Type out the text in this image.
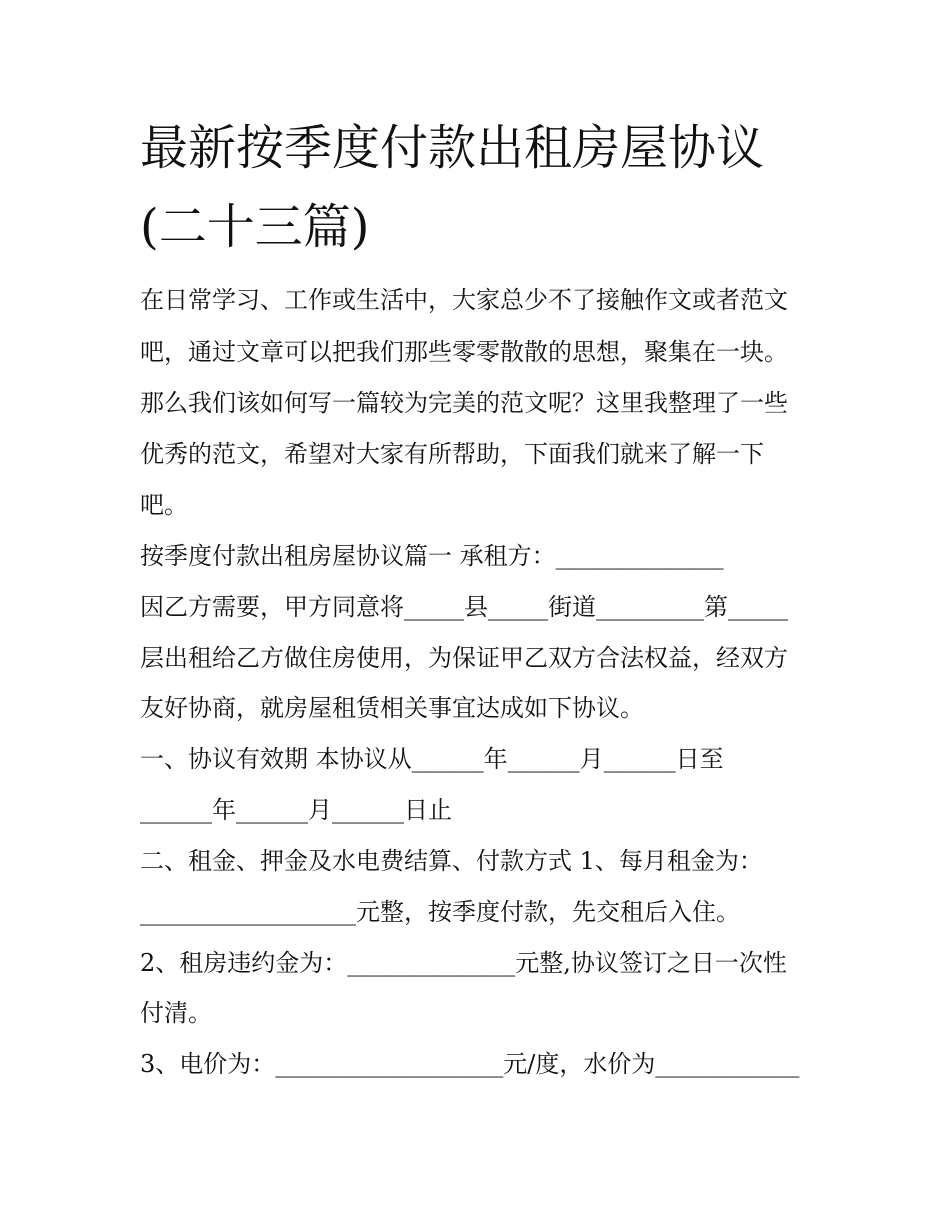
最新按季度付款出租房屋协议
(二十三篇)

在日常学习、工作或生活中，大家总少不了接触作文或者范文

吧，通过文章可以把我们那些零零散散的思想，聚集在一块。

那么我们该如何写一篇较为完美的范文呢？这里我整理了一些

优秀的范文，希望对大家有所帮助，下面我们就来了解一下

吧。

按季度付款出租房屋协议篇一 承租方：______________

因乙方需要，甲方同意将_____县_____街道_________第_____

层出租给乙方做住房使用，为保证甲乙双方合法权益，经双方

友好协商，就房屋租赁相关事宜达成如下协议。

一、协议有效期 本协议从______年______月______日至

______年______月______日止

二、租金、押金及水电费结算、付款方式 1、每月租金为：

__________________元整，按季度付款，先交租后入住。

2、租房违约金为：______________元整,协议签订之日一次性

付清。

3、电价为：___________________元/度，水价为____________
